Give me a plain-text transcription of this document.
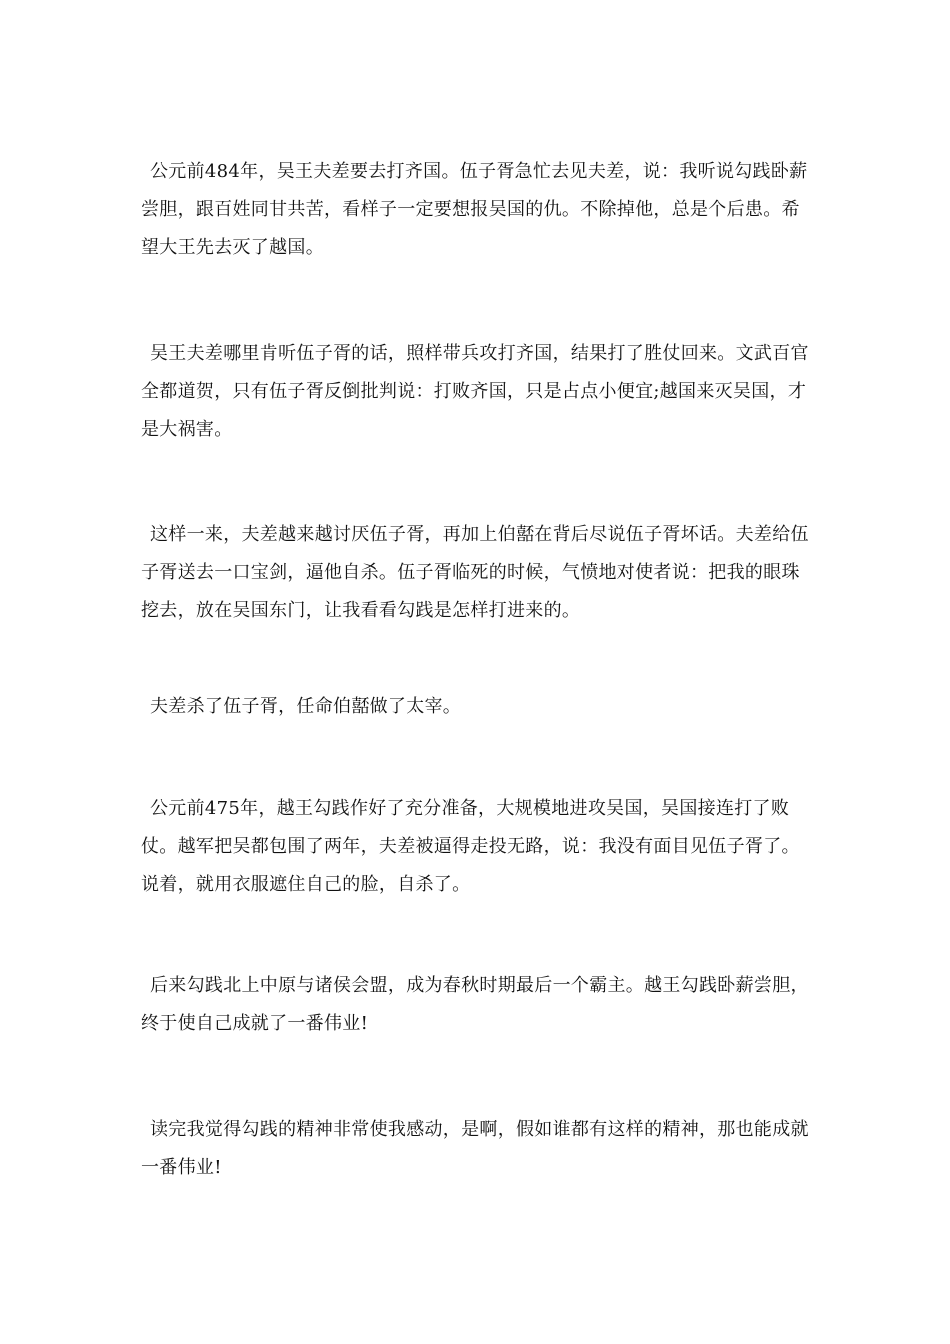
公元前484年，吴王夫差要去打齐国。伍子胥急忙去见夫差，说：我听说勾践卧薪尝胆，跟百姓同甘共苦，看样子一定要想报吴国的仇。不除掉他，总是个后患。希望大王先去灭了越国。

吴王夫差哪里肯听伍子胥的话，照样带兵攻打齐国，结果打了胜仗回来。文武百官全都道贺，只有伍子胥反倒批判说：打败齐国，只是占点小便宜;越国来灭吴国，才是大祸害。

这样一来，夫差越来越讨厌伍子胥，再加上伯嚭在背后尽说伍子胥坏话。夫差给伍子胥送去一口宝剑，逼他自杀。伍子胥临死的时候，气愤地对使者说：把我的眼珠挖去，放在吴国东门，让我看看勾践是怎样打进来的。

夫差杀了伍子胥，任命伯嚭做了太宰。

公元前475年，越王勾践作好了充分准备，大规模地进攻吴国，吴国接连打了败仗。越军把吴都包围了两年，夫差被逼得走投无路，说：我没有面目见伍子胥了。说着，就用衣服遮住自己的脸，自杀了。

后来勾践北上中原与诸侯会盟，成为春秋时期最后一个霸主。越王勾践卧薪尝胆，终于使自己成就了一番伟业!

读完我觉得勾践的精神非常使我感动，是啊，假如谁都有这样的精神，那也能成就一番伟业!
